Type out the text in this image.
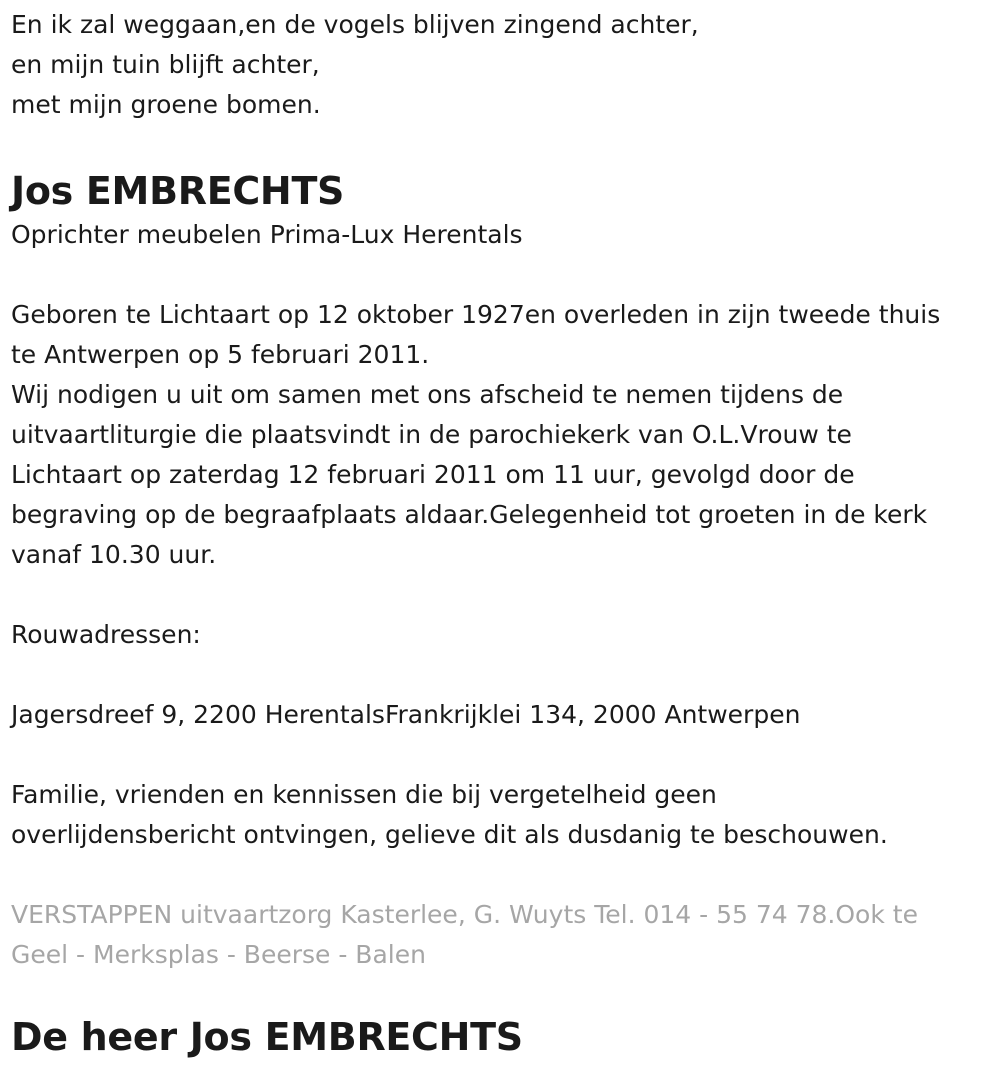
En ik zal weggaan,en de vogels blijven zingend achter,
en mijn tuin blijft achter,
met mijn groene bomen.
Jos EMBRECHTS
Oprichter meubelen Prima-Lux Herentals
Geboren te Lichtaart op 12 oktober 1927en overleden in zijn tweede thuis
te Antwerpen op 5 februari 2011.
Wij nodigen u uit om samen met ons afscheid te nemen tijdens de
uitvaartliturgie die plaatsvindt in de parochiekerk van O.L.Vrouw te
Lichtaart op zaterdag 12 februari 2011 om 11 uur, gevolgd door de
begraving op de begraafplaats aldaar.Gelegenheid tot groeten in de kerk
vanaf 10.30 uur.
Rouwadressen:
Jagersdreef 9, 2200 HerentalsFrankrijklei 134, 2000 Antwerpen
Familie, vrienden en kennissen die bij vergetelheid geen
overlijdensbericht ontvingen, gelieve dit als dusdanig te beschouwen.
VERSTAPPEN uitvaartzorg Kasterlee, G. Wuyts Tel. 014 - 55 74 78.Ook te
Geel - Merksplas - Beerse - Balen
De heer Jos EMBRECHTS
